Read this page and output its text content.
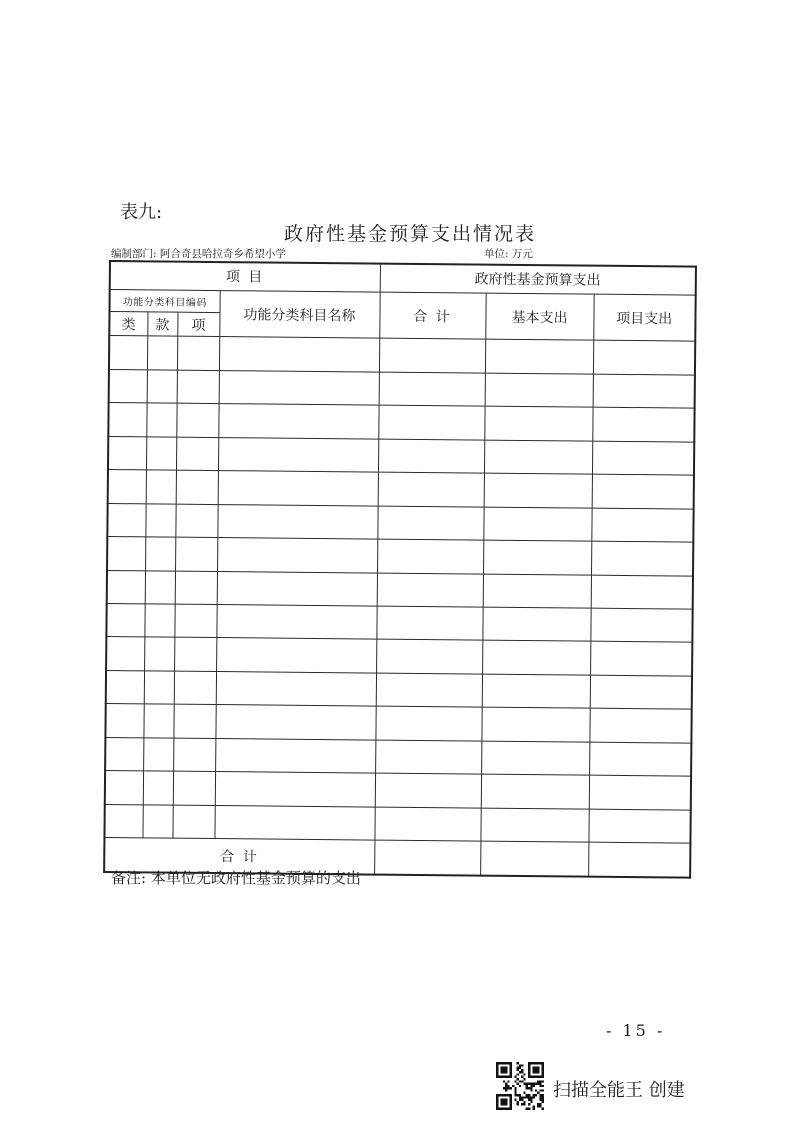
表九:
政府性基金预算支出情况表
编制部门: 阿合奇县哈拉奇乡希望小学	单位: 万元
项 目				政府性基金预算支出		
功能分类科目编码			功能分类科目名称	合 计	基本支出	项目支出
类	款	项				

合 计						
备注: 本单位无政府性基金预算的支出
- 15 -
扫描全能王 创建
